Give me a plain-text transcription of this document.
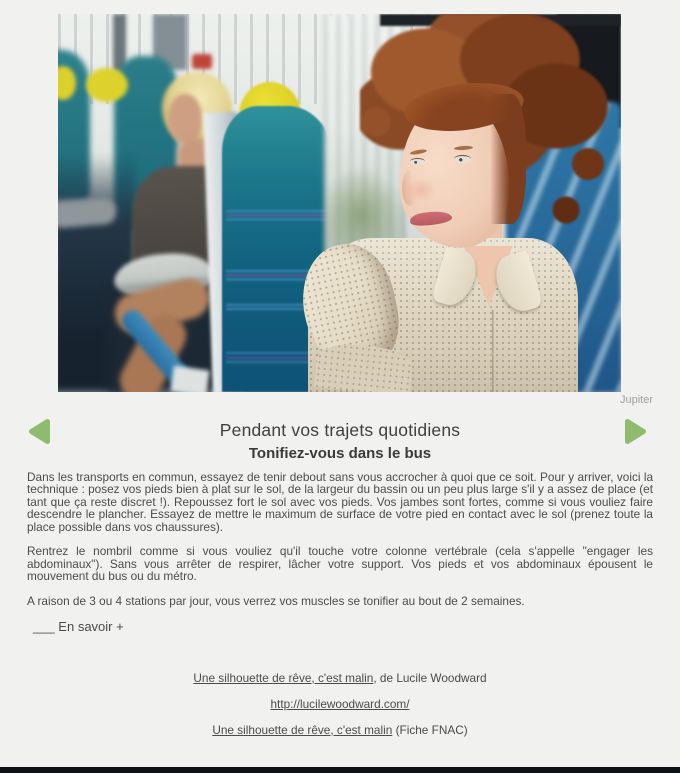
Jupiter
Pendant vos trajets quotidiens
Tonifiez-vous dans le bus

Dans les transports en commun, essayez de tenir debout sans vous accrocher à quoi que ce soit. Pour y arriver, voici la technique : posez vos pieds bien à plat sur le sol, de la largeur du bassin ou un peu plus large s'il y a assez de place (et tant que ça reste discret !). Repoussez fort le sol avec vos pieds. Vos jambes sont fortes, comme si vous vouliez faire descendre le plancher. Essayez de mettre le maximum de surface de votre pied en contact avec le sol (prenez toute la place possible dans vos chaussures).

Rentrez le nombril comme si vous vouliez qu'il touche votre colonne vertébrale (cela s'appelle "engager les abdominaux"). Sans vous arrêter de respirer, lâcher votre support. Vos pieds et vos abdominaux épousent le mouvement du bus ou du métro.

A raison de 3 ou 4 stations par jour, vous verrez vos muscles se tonifier au bout de 2 semaines.

___ En savoir +

Une silhouette de rêve, c'est malin, de Lucile Woodward

http://lucilewoodward.com/

Une silhouette de rêve, c'est malin (Fiche FNAC)
